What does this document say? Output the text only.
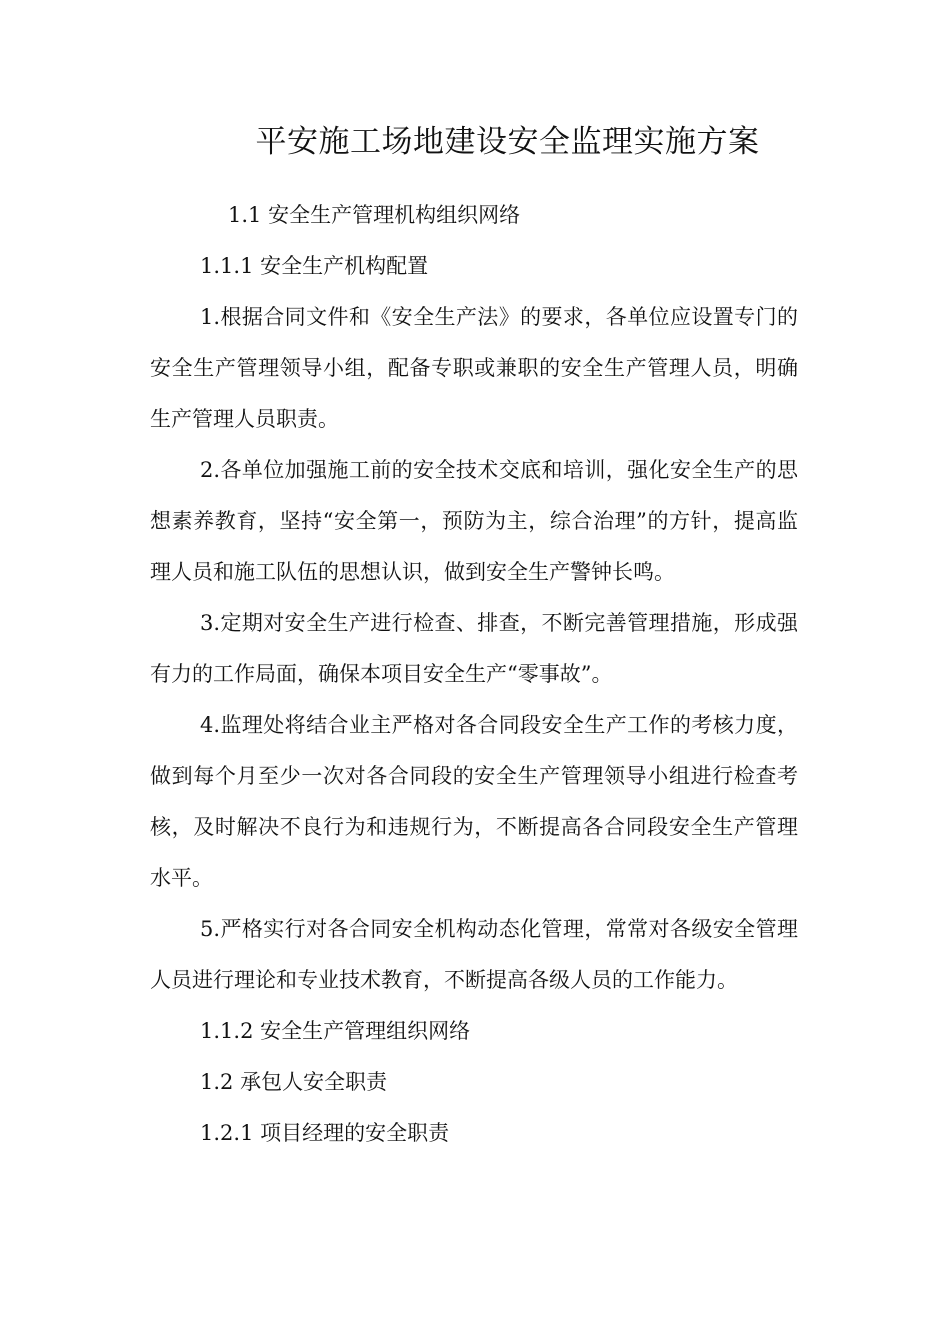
平安施工场地建设安全监理实施方案

1.1 安全生产管理机构组织网络

1.1.1 安全生产机构配置

1.根据合同文件和《安全生产法》的要求，各单位应设置专门的安全生产管理领导小组，配备专职或兼职的安全生产管理人员，明确生产管理人员职责。

2.各单位加强施工前的安全技术交底和培训，强化安全生产的思想素养教育，坚持“安全第一，预防为主，综合治理”的方针，提高监理人员和施工队伍的思想认识，做到安全生产警钟长鸣。

3.定期对安全生产进行检查、排查，不断完善管理措施，形成强有力的工作局面，确保本项目安全生产“零事故”。

4.监理处将结合业主严格对各合同段安全生产工作的考核力度，做到每个月至少一次对各合同段的安全生产管理领导小组进行检查考核，及时解决不良行为和违规行为，不断提高各合同段安全生产管理水平。

5.严格实行对各合同安全机构动态化管理，常常对各级安全管理人员进行理论和专业技术教育，不断提高各级人员的工作能力。

1.1.2 安全生产管理组织网络

1.2 承包人安全职责

1.2.1 项目经理的安全职责
